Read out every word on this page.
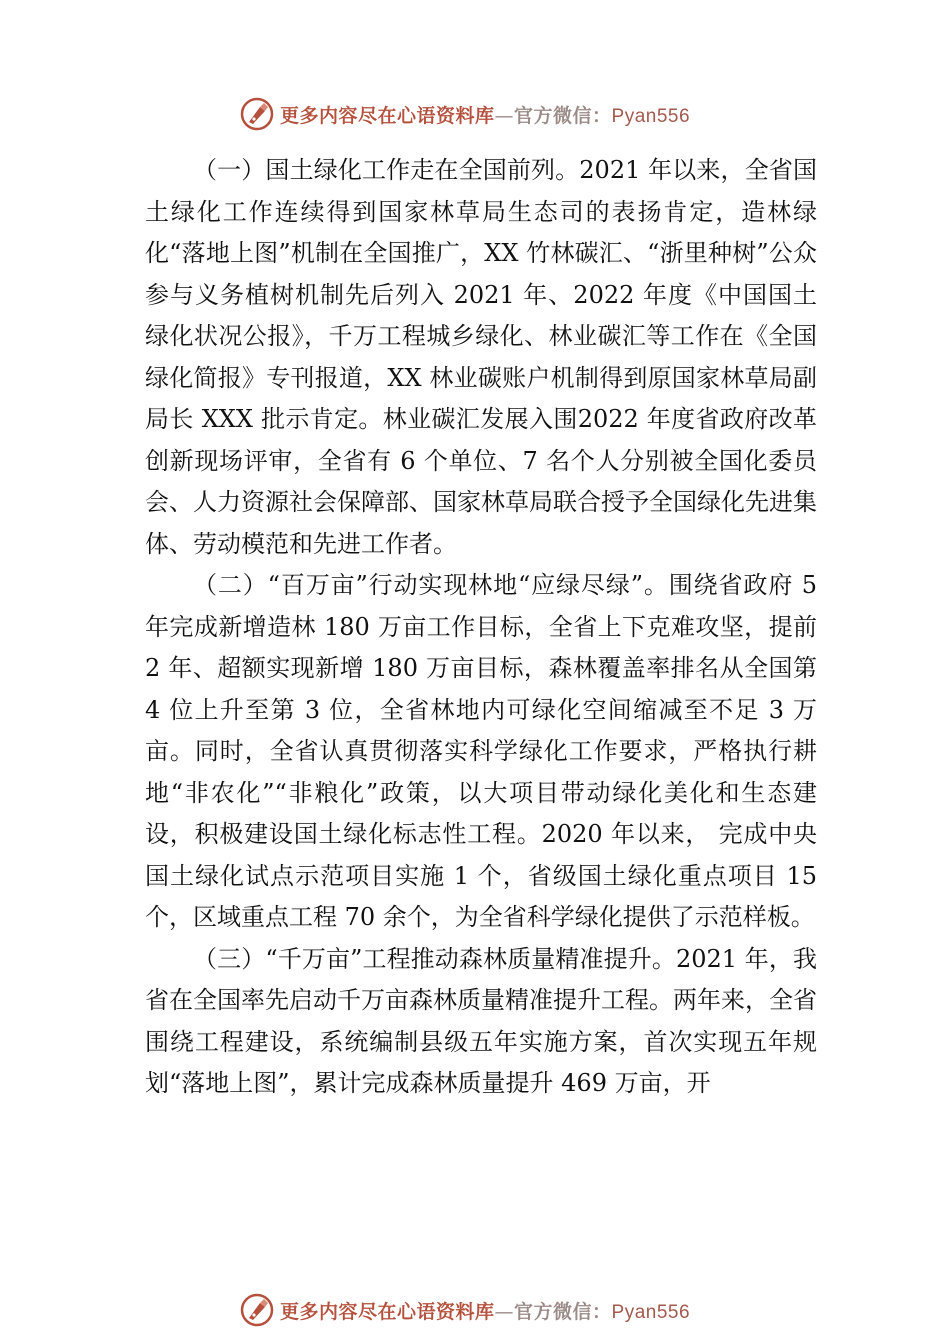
更多内容尽在心语资料库—官方微信：Pyan556

（一）国土绿化工作走在全国前列。2021 年以来，全省国土绿化工作连续得到国家林草局生态司的表扬肯定，造林绿化“落地上图”机制在全国推广，XX 竹林碳汇、“浙里种树”公众参与义务植树机制先后列入 2021 年、2022 年度《中国国土绿化状况公报》，千万工程城乡绿化、林业碳汇等工作在《全国绿化简报》专刊报道，XX 林业碳账户机制得到原国家林草局副局长 XXX 批示肯定。林业碳汇发展入围2022 年度省政府改革创新现场评审，全省有 6 个单位、7 名个人分别被全国化委员会、人力资源社会保障部、国家林草局联合授予全国绿化先进集体、劳动模范和先进工作者。

（二）“百万亩”行动实现林地“应绿尽绿”。围绕省政府 5 年完成新增造林 180 万亩工作目标，全省上下克难攻坚，提前 2 年、超额实现新增 180 万亩目标，森林覆盖率排名从全国第 4 位上升至第 3 位，全省林地内可绿化空间缩减至不足 3 万亩。同时，全省认真贯彻落实科学绿化工作要求，严格执行耕地“非农化”“非粮化”政策，以大项目带动绿化美化和生态建设，积极建设国土绿化标志性工程。2020 年以来， 完成中央国土绿化试点示范项目实施 1 个，省级国土绿化重点项目 15 个，区域重点工程 70 余个，为全省科学绿化提供了示范样板。

（三）“千万亩”工程推动森林质量精准提升。2021 年，我省在全国率先启动千万亩森林质量精准提升工程。两年来，全省围绕工程建设，系统编制县级五年实施方案，首次实现五年规划“落地上图”，累计完成森林质量提升 469 万亩，开

更多内容尽在心语资料库—官方微信：Pyan556
